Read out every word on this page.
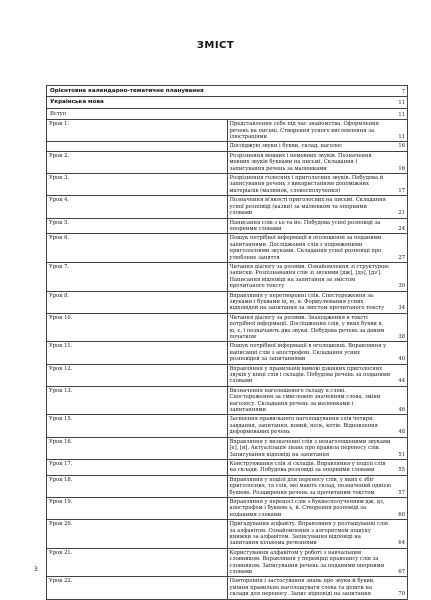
ЗМІСТ
Орієнтовне календарно-тематичне планування 7	

Українська мова 11	

Вступ 11	

Урок 1.	Представлення себе під час знайомства. Оформлення речень на письмі. Створення усного висловлення за ілюстраціями 11

	Досліджую звуки і букви, склад, наголос 16

Урок 2.	Розрізнення мовних і немовних звуків. Позначення мовних звуків буквами на письмі. Складання і записування речень за малюнками 16

Урок 3.	Розрізнення голосних і приголосних звуків. Побудова й записування речень з використанням допоміжних матеріалів (малюнок, словосполучення) 17

Урок 4.	Позначення м'якості приголосних на письмі. Складання усної розповіді (казки) за малюнком та опорними словами 21

Урок 5.	Написання слів з ьо та йо. Побудова усної розповіді за опорними словами 24

Урок 6.	Пошук потрібної інформації в оголошенні за поданими запитаннями. Дослідження слів з подовженими приголосними звуками. Складання усної розповіді про улюблене заняття 27

Урок 7.	Читання діалогу за ролями. Ознайомлення зі структурою записки. Розпізнавання слів зі звукими [дж], [дз], [дз']. Написання відповіді на запитання за змістом прочитаного тексту 30

Урок 8.	Вправляння у перетворенні слів. Спостереження за звуками і буквами щ, ю, я. Формулювання усних відповідей на запитання за змістом прочитаного тексту 34

Урок 10.	Читання діалогу за ролями. Знаходження в тексті потрібної інформації. Дослідження слів, у яких букви я, ю, є, ї позначають два звуки. Побудова речень за даним початком 38

Урок 11.	Пошук потрібної інформації в оголошенні. Вправляння у написанні слів з апострофом. Складання усних розповідей за запитаннями 40

Урок 12.	Вправляння у правильній вимові дзвінких приголосних звуків у кінці слів і складів. Побудова речень за поданими словами 44

Урок 13.	Визначення наголошеного складу в слові. Спостереження за смисловою значенням слова, зміни наголосу. Складання речень за малюнками і запитаннями 46

Урок 15.	Засвоєння правильного наголошування слів чотири, завдання, запитання, новий, ноль, котів. Відновлення деформованих речень 48

Урок 16.	Вправляння у визначенні слів з ненаголошеними звуками [е], [и]. Актуалізація знань про правила переносу слів. Записування відповіді на запитання 51

Урок 17.	Конструювання слів зі складів. Вправляння у поділі слів на склади. Побудова розповіді за опорними словами 55

Урок 18.	Вправляння у поділі для переносу слів, у яких є збіг приголосних, та слів, які мають склад, позначений однією буквою. Розширення речень за прочитаним текстом 57

Урок 19.	Вправляння у переносі слів з буквосполученням дж, дз, апострофом і буквою ь, й. Створення розповіді за поданими словами 60

Урок 20.	Пригадування алфавіту. Вправляння у розташуванні слів за алфавітом. Ознайомлення з алгоритмом пошуку книжки за алфавітом. Записування відповіді на запитання кількома реченнями 64

Урок 21.	Користування алфавітом у роботі з навчальним словником. Вправляння у перевірці правопису слів за словником. Записування речень за поданими опорними словами 67

Урок 22.	Повторення і застосування знань про звуки й букви, уміння правильно наголошувати слова та ділити на склади для переносу. Запис відповіді на запитання 70
3
